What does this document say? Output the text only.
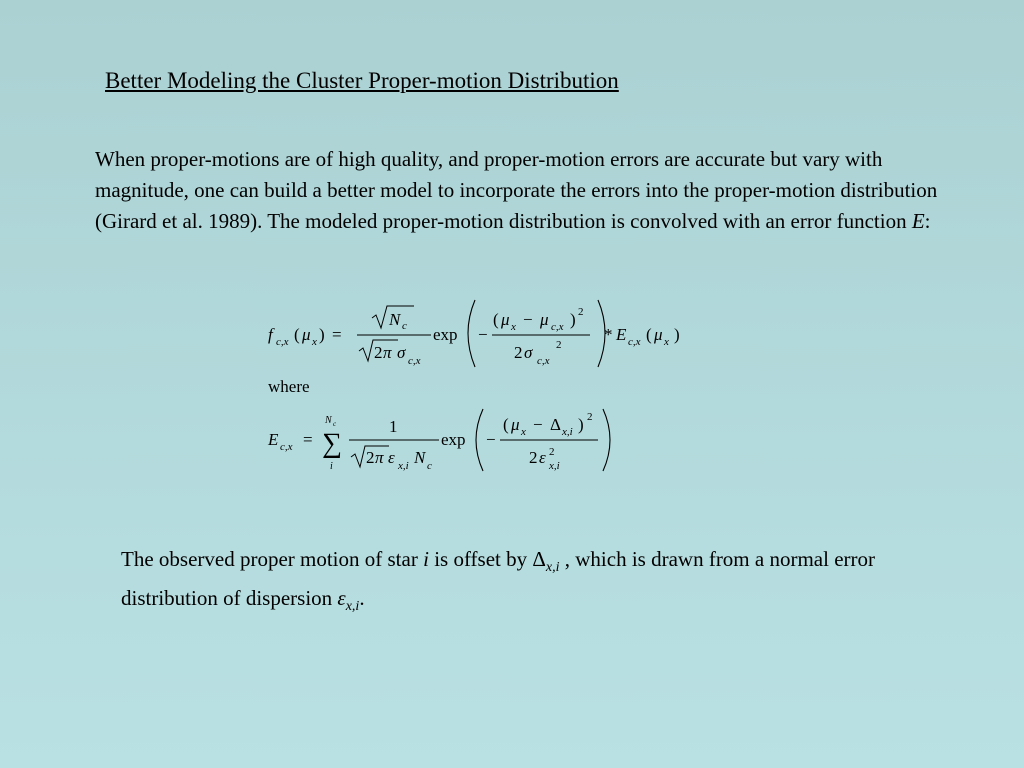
Better Modeling the Cluster Proper-motion Distribution
When proper-motions are of high quality, and proper-motion errors are accurate but vary with magnitude, one can build a better model to incorporate the errors into the proper-motion distribution (Girard et al. 1989). The modeled proper-motion distribution is convolved with an error function E:
f c,x ( μ x ) =
N c
2 π σ c,x
exp −
( μ x − μ c,x ) 2
2 σ 2
c,x
* E c,x ( μ x )
E c,x = ∑
N c
i
1
2 π ε x,i N c
exp −
( μ x − Δ x,i ) 2
2 ε 2
x,i
where
The observed proper motion of star i is offset by $\Delta_{x,i}$ , which is drawn from a normal error distribution of dispersion $\varepsilon_{x,i}$.
